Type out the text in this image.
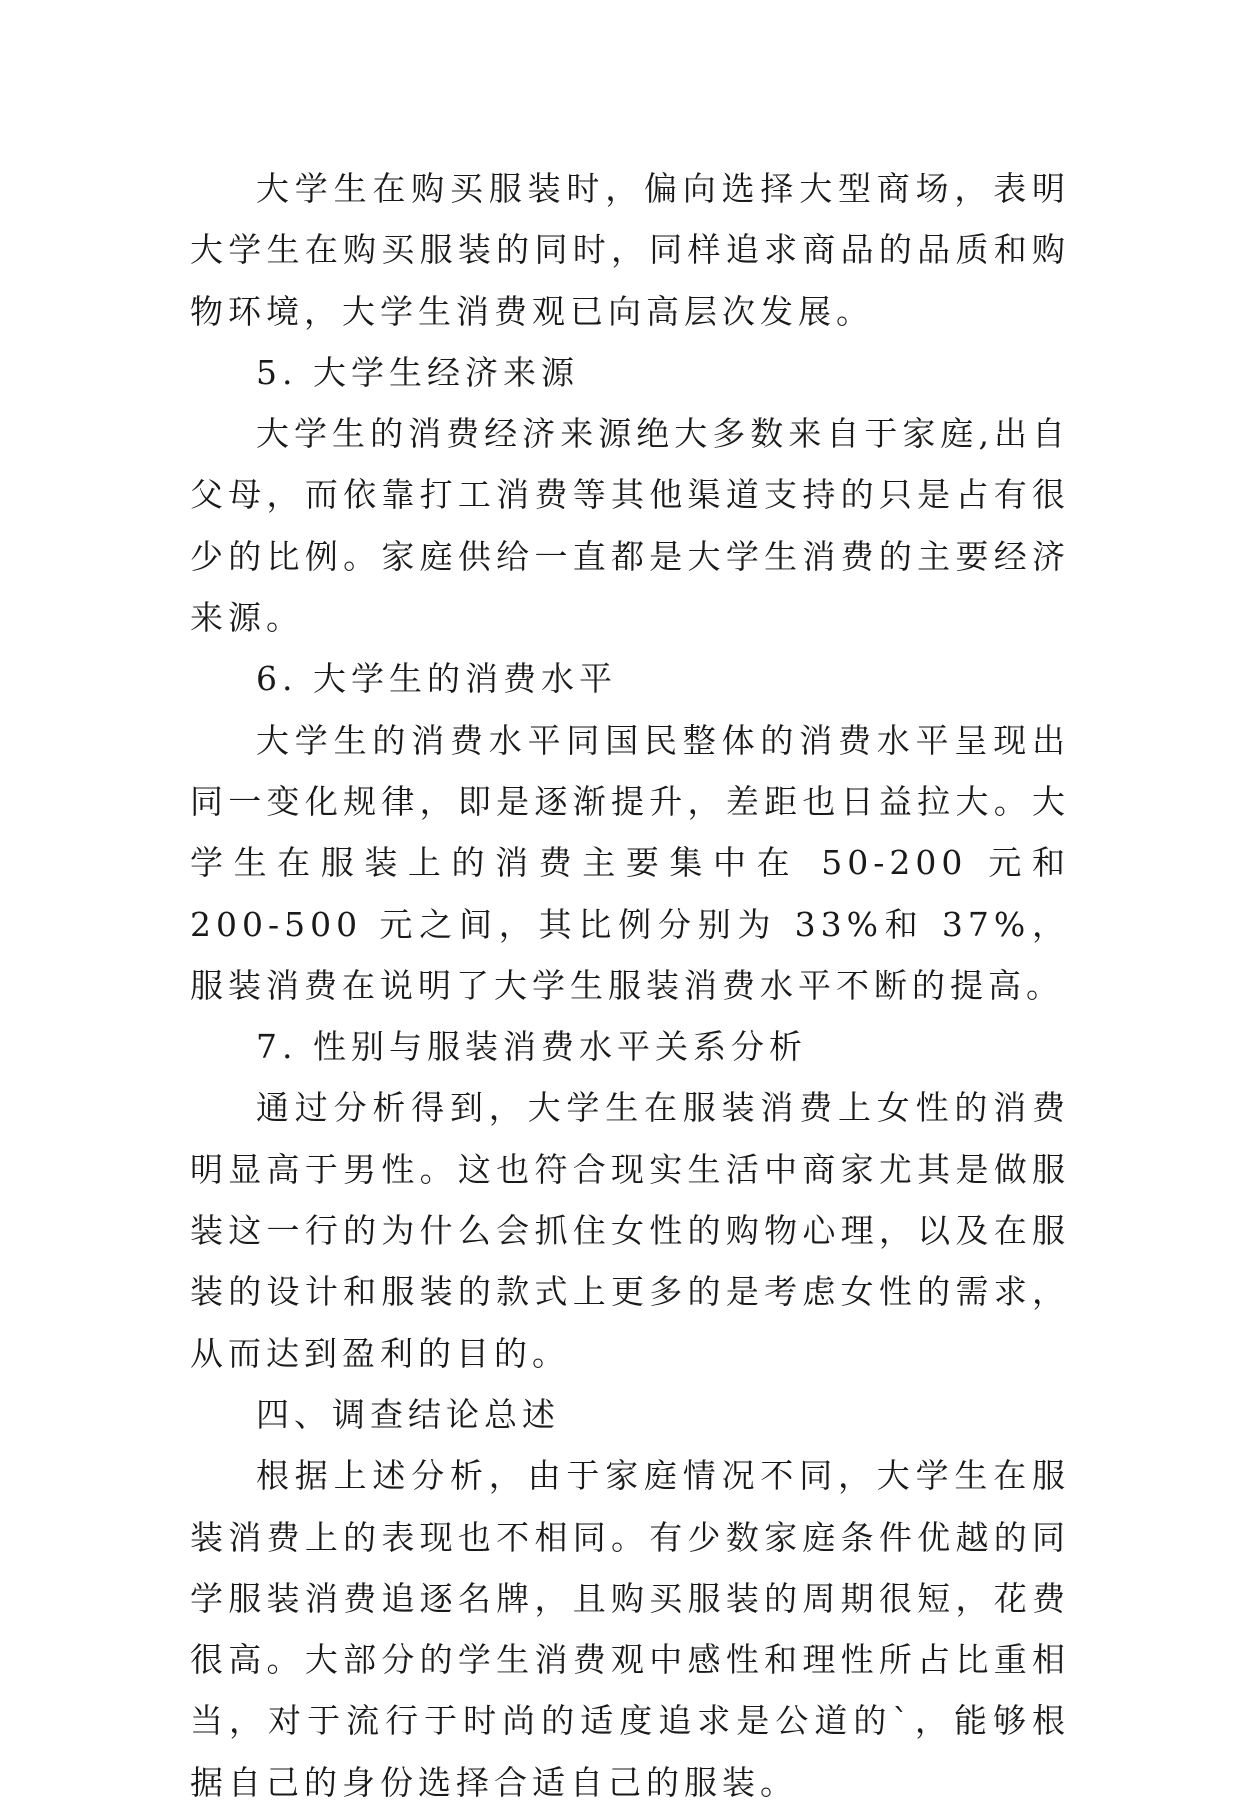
大学生在购买服装时，偏向选择大型商场，表明大学生在购买服装的同时，同样追求商品的品质和购物环境，大学生消费观已向高层次发展。

5. 大学生经济来源

大学生的消费经济来源绝大多数来自于家庭,出自父母，而依靠打工消费等其他渠道支持的只是占有很少的比例。家庭供给一直都是大学生消费的主要经济来源。

6. 大学生的消费水平

大学生的消费水平同国民整体的消费水平呈现出同一变化规律，即是逐渐提升，差距也日益拉大。大学生在服装上的消费主要集中在 50-200 元和 200-500 元之间，其比例分别为 33%和 37%，服装消费在说明了大学生服装消费水平不断的提高。

7. 性别与服装消费水平关系分析

通过分析得到，大学生在服装消费上女性的消费明显高于男性。这也符合现实生活中商家尤其是做服装这一行的为什么会抓住女性的购物心理，以及在服装的设计和服装的款式上更多的是考虑女性的需求，从而达到盈利的目的。

四、调查结论总述

根据上述分析，由于家庭情况不同，大学生在服装消费上的表现也不相同。有少数家庭条件优越的同学服装消费追逐名牌，且购买服装的周期很短，花费很高。大部分的学生消费观中感性和理性所占比重相当，对于流行于时尚的适度追求是公道的`，能够根据自己的身份选择合适自己的服装。
